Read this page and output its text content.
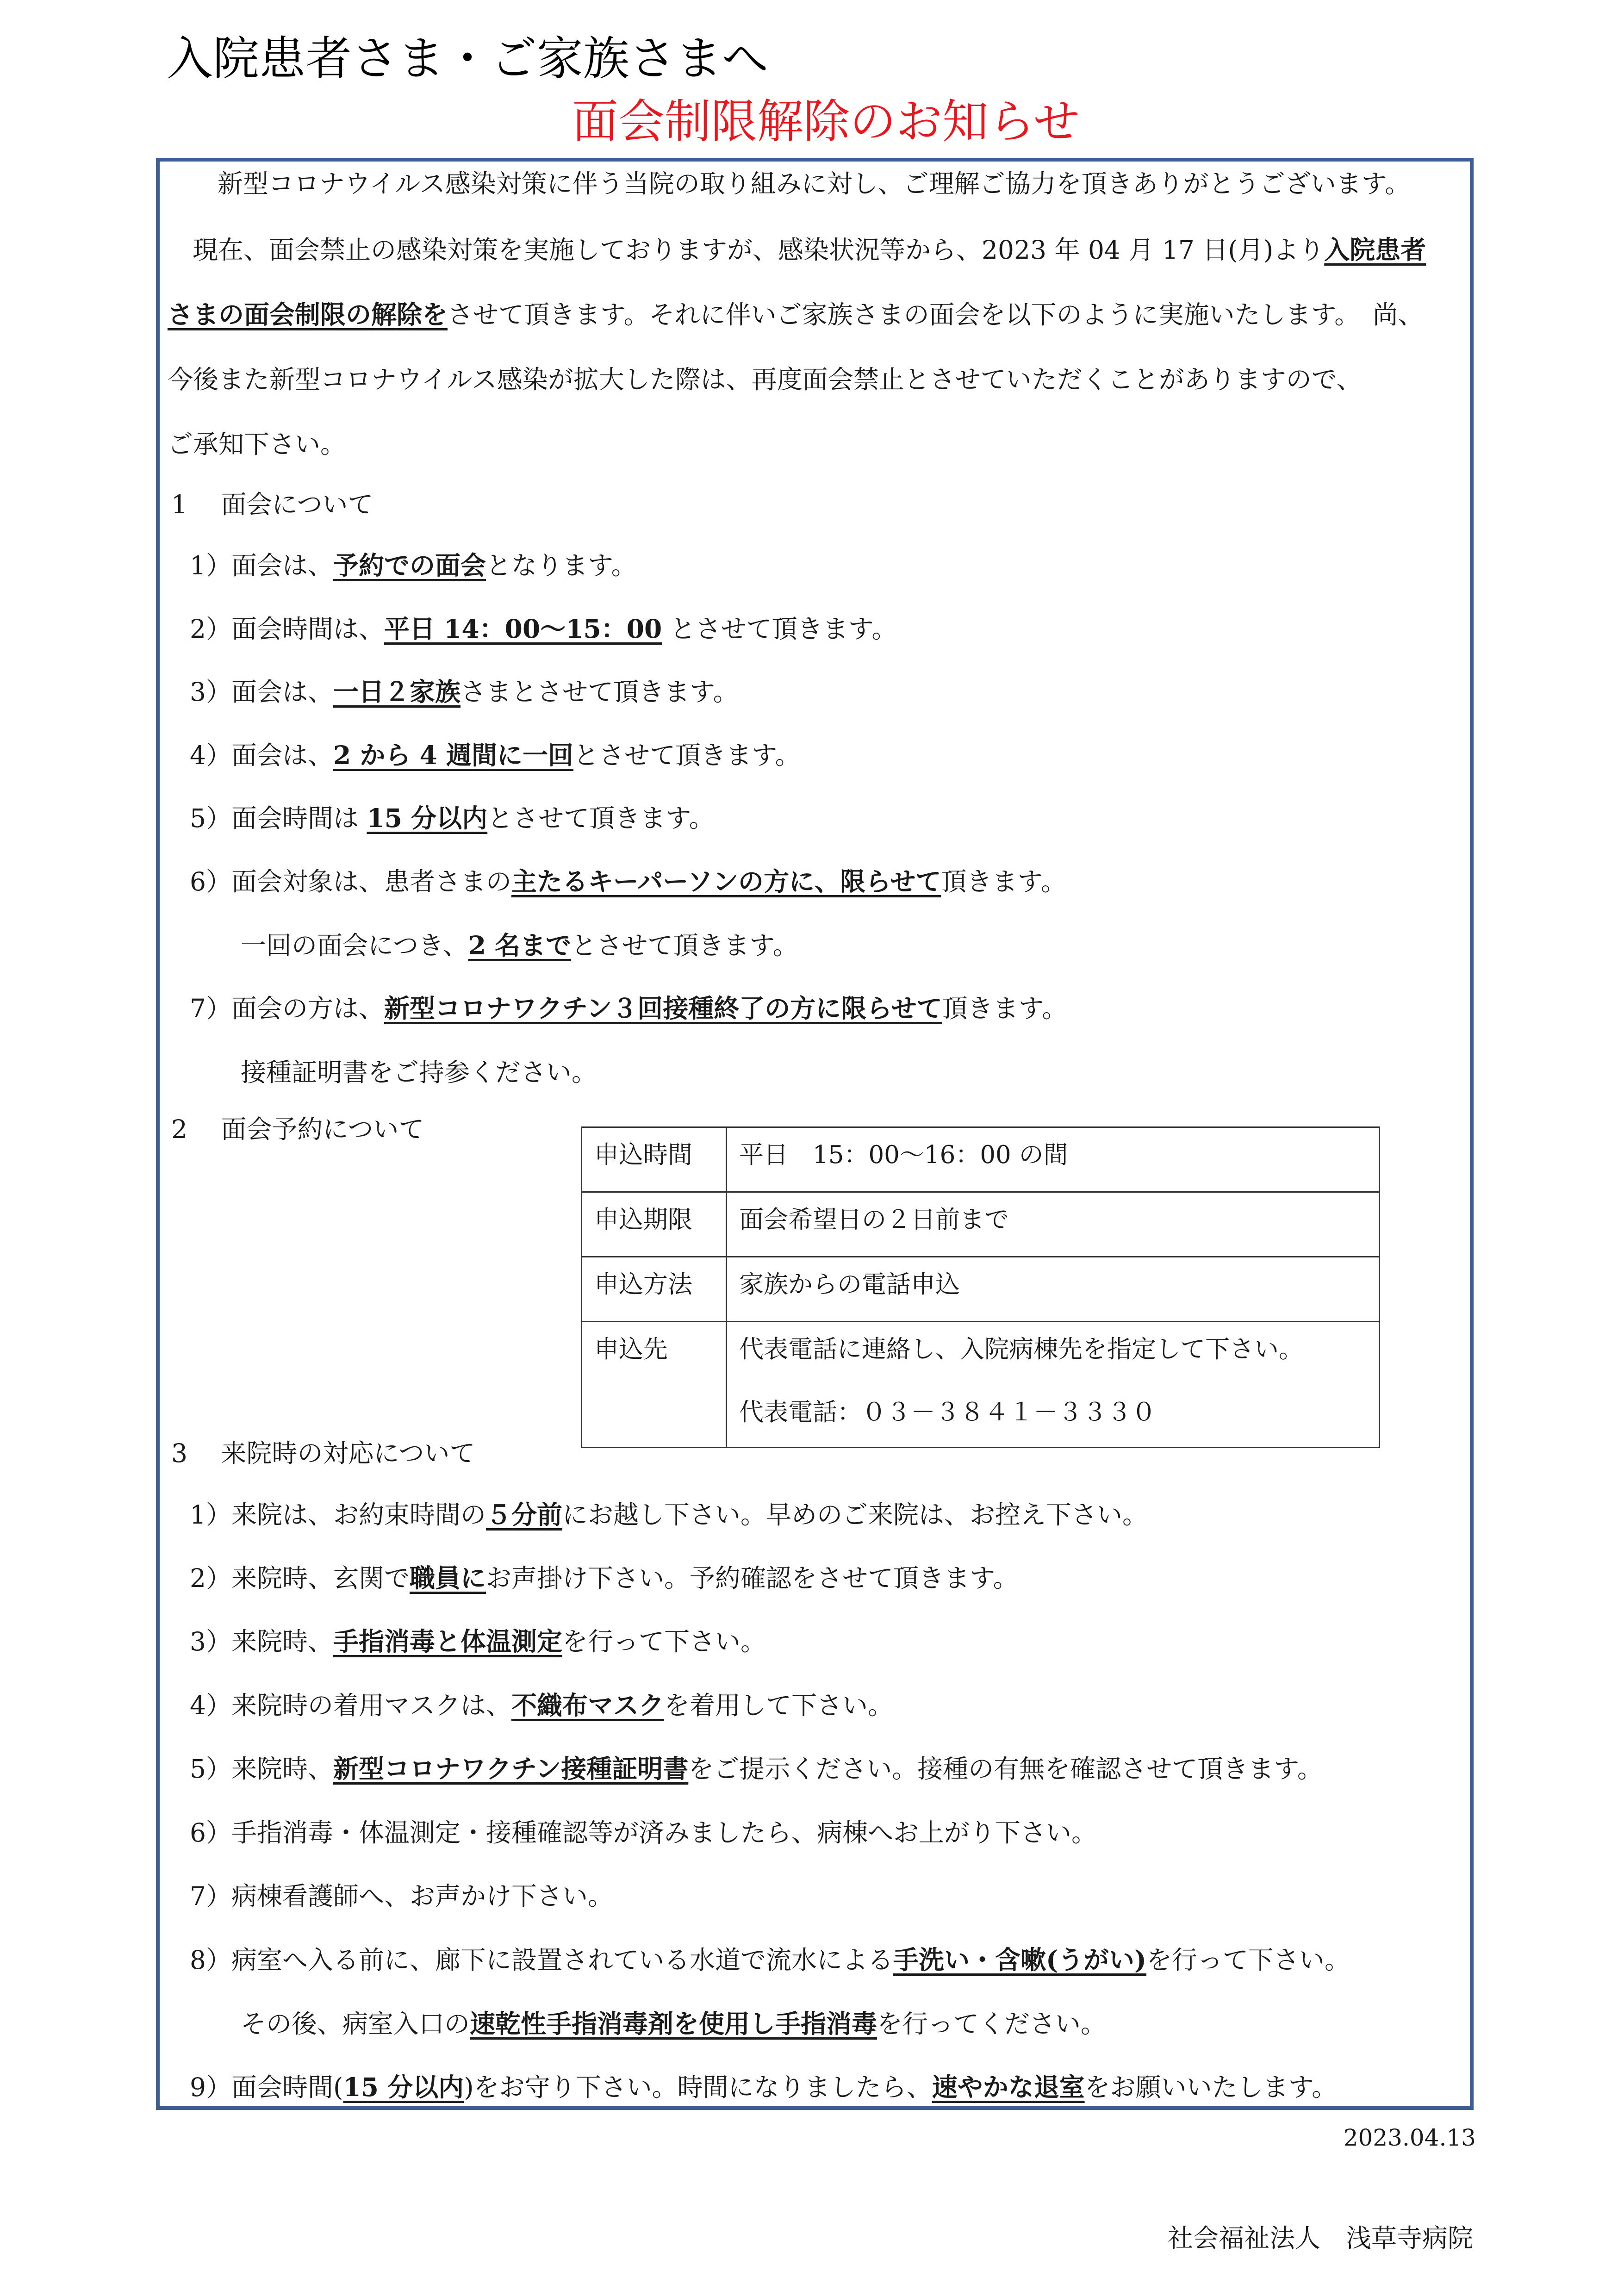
入院患者さま・ご家族さまへ
面会制限解除のお知らせ
新型コロナウイルス感染対策に伴う当院の取り組みに対し、ご理解ご協力を頂きありがとうございます。
現在、面会禁止の感染対策を実施しておりますが、感染状況等から、2023 年 04 月 17 日(月)より入院患者
さまの面会制限の解除をさせて頂きます。それに伴いご家族さまの面会を以下のように実施いたします。　尚、
今後また新型コロナウイルス感染が拡大した際は、再度面会禁止とさせていただくことがありますので、
ご承知下さい。
1　 面会について
1）面会は、予約での面会となります。
2）面会時間は、平日 14：00～15：00 とさせて頂きます。
3）面会は、一日２家族さまとさせて頂きます。
4）面会は、2 から 4 週間に一回とさせて頂きます。
5）面会時間は 15 分以内とさせて頂きます。
6）面会対象は、患者さまの主たるキーパーソンの方に、限らせて頂きます。
一回の面会につき、2 名までとさせて頂きます。
7）面会の方は、新型コロナワクチン３回接種終了の方に限らせて頂きます。
接種証明書をご持参ください。
2　 面会予約について
申込時間	平日　15：00～16：00 の間
申込期限	面会希望日の２日前まで
申込方法	家族からの電話申込
申込先	代表電話に連絡し、入院病棟先を指定して下さい。
代表電話：０３－３８４１－３３３０
3　 来院時の対応について
1）来院は、お約束時間の５分前にお越し下さい。早めのご来院は、お控え下さい。
2）来院時、玄関で職員にお声掛け下さい。予約確認をさせて頂きます。
3）来院時、手指消毒と体温測定を行って下さい。
4）来院時の着用マスクは、不織布マスクを着用して下さい。
5）来院時、新型コロナワクチン接種証明書をご提示ください。接種の有無を確認させて頂きます。
6）手指消毒・体温測定・接種確認等が済みましたら、病棟へお上がり下さい。
7）病棟看護師へ、お声かけ下さい。
8）病室へ入る前に、廊下に設置されている水道で流水による手洗い・含嗽(うがい)を行って下さい。
その後、病室入口の速乾性手指消毒剤を使用し手指消毒を行ってください。
9）面会時間(15 分以内)をお守り下さい。時間になりましたら、速やかな退室をお願いいたします。
2023.04.13
社会福祉法人　浅草寺病院
